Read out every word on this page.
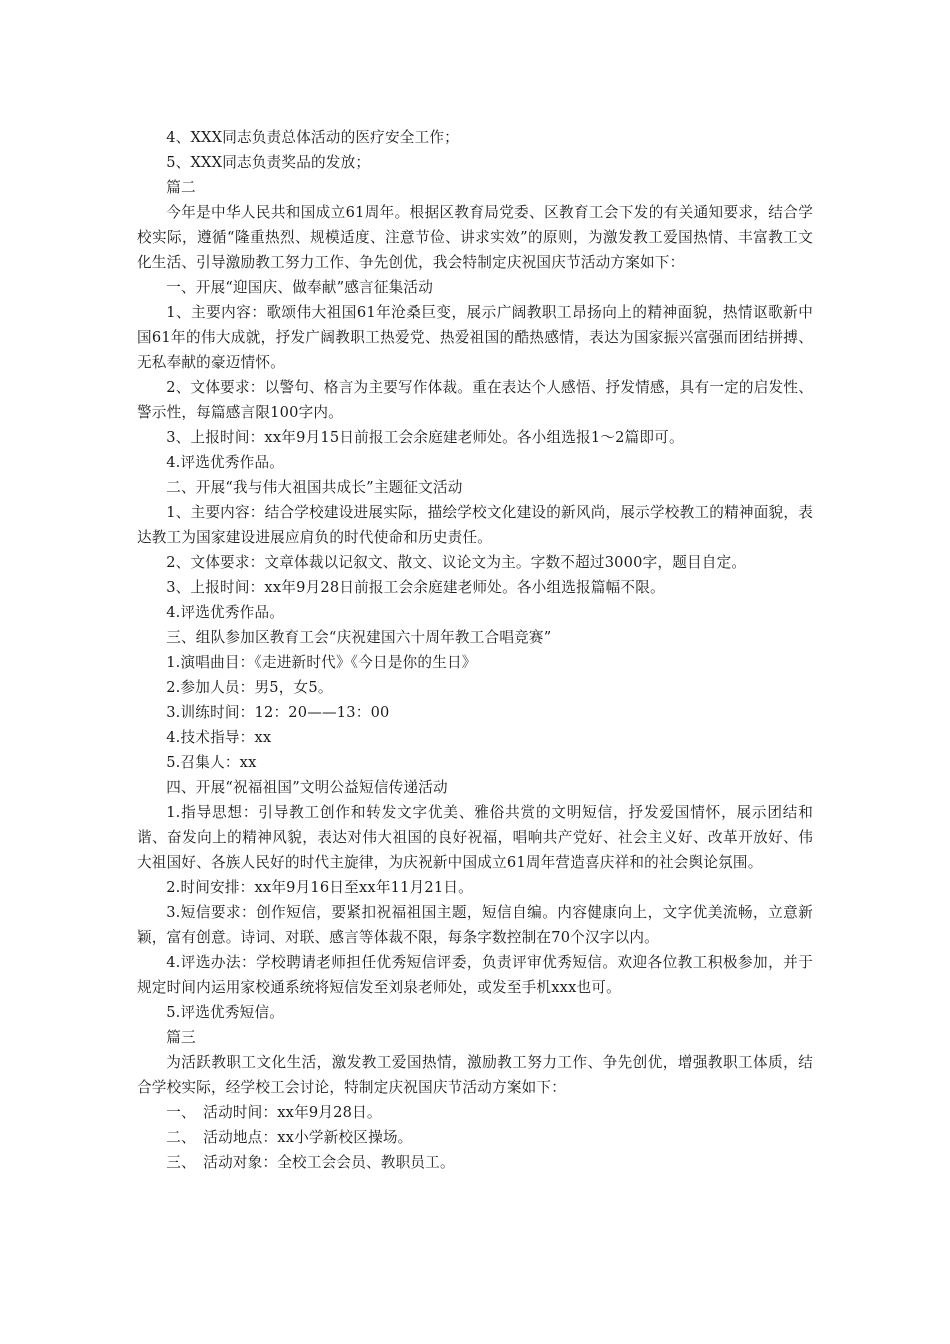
4、XXX同志负责总体活动的医疗安全工作；

5、XXX同志负责奖品的发放；

篇二

今年是中华人民共和国成立61周年。根据区教育局党委、区教育工会下发的有关通知要求，结合学校实际，遵循“隆重热烈、规模适度、注意节俭、讲求实效”的原则，为激发教工爱国热情、丰富教工文化生活、引导激励教工努力工作、争先创优，我会特制定庆祝国庆节活动方案如下：

一、开展“迎国庆、做奉献”感言征集活动

1、主要内容：歌颂伟大祖国61年沧桑巨变，展示广阔教职工昂扬向上的精神面貌，热情讴歌新中国61年的伟大成就，抒发广阔教职工热爱党、热爱祖国的酷热感情，表达为国家振兴富强而团结拼搏、无私奉献的豪迈情怀。

2、文体要求：以警句、格言为主要写作体裁。重在表达个人感悟、抒发情感，具有一定的启发性、警示性，每篇感言限100字内。

3、上报时间：xx年9月15日前报工会余庭建老师处。各小组选报1～2篇即可。

4.评选优秀作品。

二、开展“我与伟大祖国共成长”主题征文活动

1、主要内容：结合学校建设进展实际，描绘学校文化建设的新风尚，展示学校教工的精神面貌，表达教工为国家建设进展应肩负的时代使命和历史责任。

2、文体要求：文章体裁以记叙文、散文、议论文为主。字数不超过3000字，题目自定。

3、上报时间：xx年9月28日前报工会余庭建老师处。各小组选报篇幅不限。

4.评选优秀作品。

三、组队参加区教育工会“庆祝建国六十周年教工合唱竞赛”

1.演唱曲目：《走进新时代》《今日是你的生日》

2.参加人员：男5，女5。

3.训练时间：12：20——13：00

4.技术指导：xx

5.召集人：xx

四、开展“祝福祖国”文明公益短信传递活动

1.指导思想：引导教工创作和转发文字优美、雅俗共赏的文明短信，抒发爱国情怀，展示团结和谐、奋发向上的精神风貌，表达对伟大祖国的良好祝福，唱响共产党好、社会主义好、改革开放好、伟大祖国好、各族人民好的时代主旋律，为庆祝新中国成立61周年营造喜庆祥和的社会舆论氛围。

2.时间安排：xx年9月16日至xx年11月21日。

3.短信要求：创作短信，要紧扣祝福祖国主题，短信自编。内容健康向上，文字优美流畅，立意新颖，富有创意。诗词、对联、感言等体裁不限，每条字数控制在70个汉字以内。

4.评选办法：学校聘请老师担任优秀短信评委，负责评审优秀短信。欢迎各位教工积极参加，并于规定时间内运用家校通系统将短信发至刘泉老师处，或发至手机xxx也可。

5.评选优秀短信。

篇三

为活跃教职工文化生活，激发教工爱国热情，激励教工努力工作、争先创优，增强教职工体质，结合学校实际，经学校工会讨论，特制定庆祝国庆节活动方案如下：

一、　活动时间：xx年9月28日。

二、　活动地点：xx小学新校区操场。

三、　活动对象：全校工会会员、教职员工。
